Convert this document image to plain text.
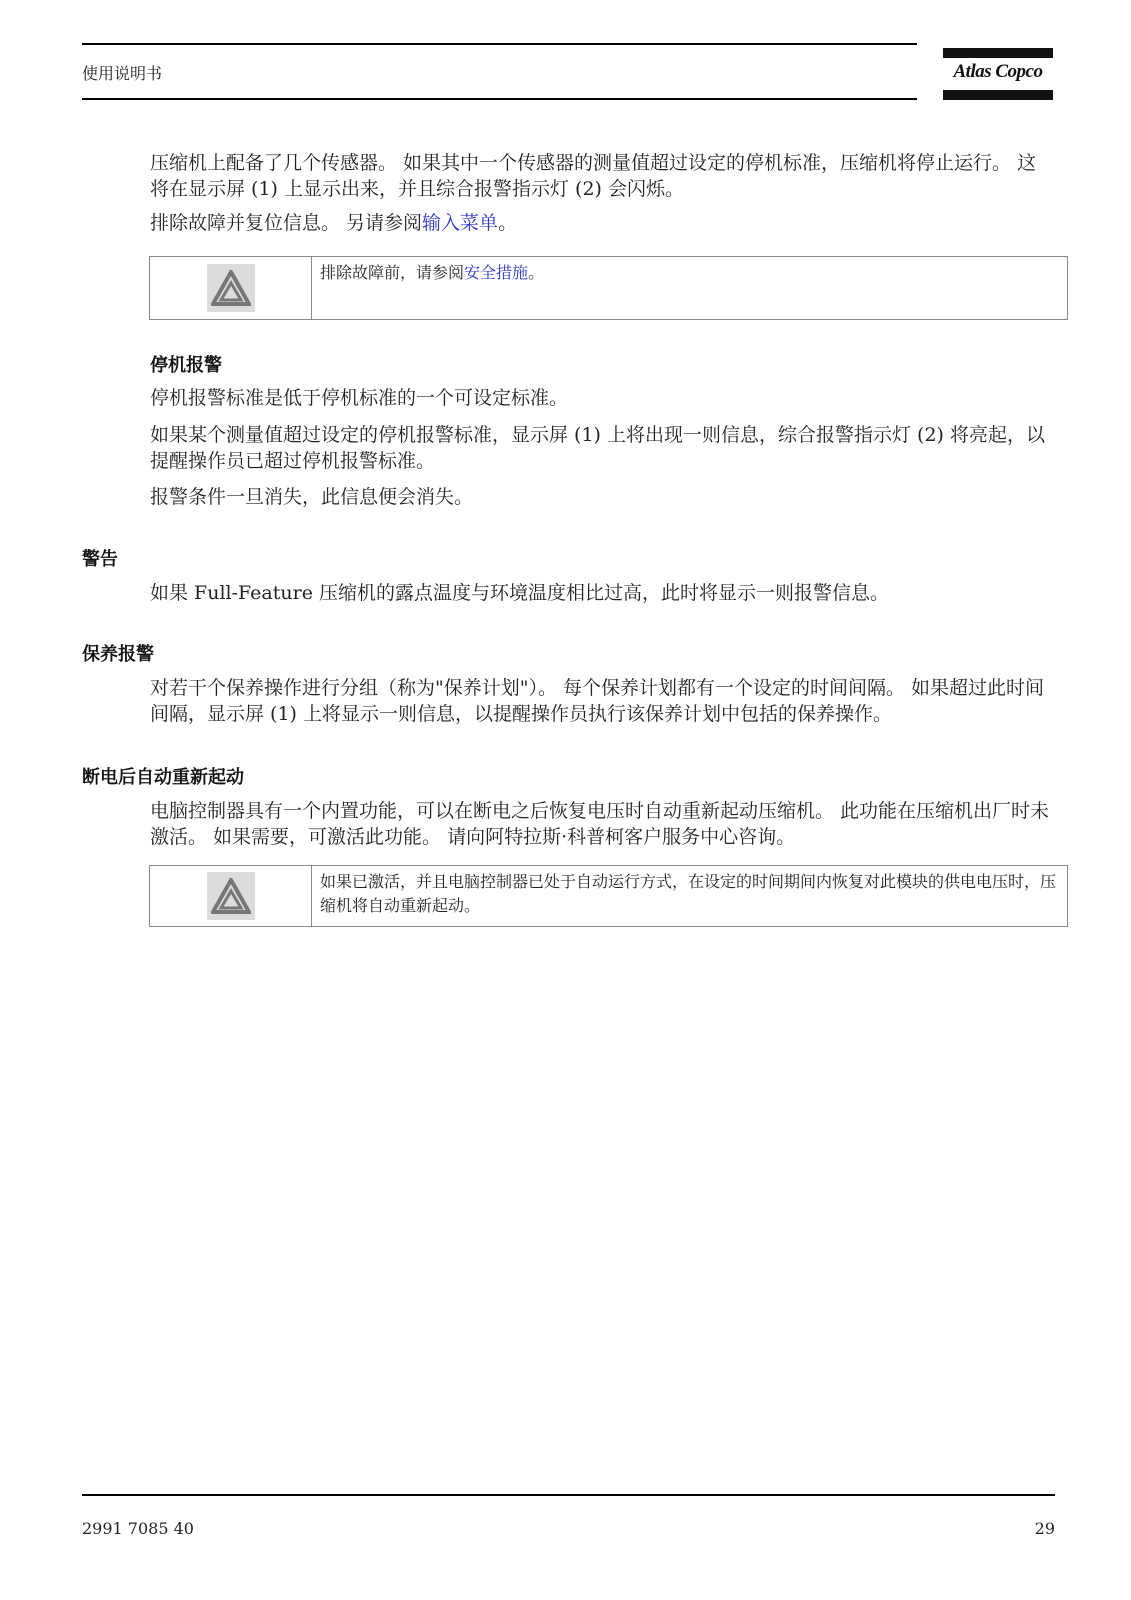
使用说明书	Atlas Copco

压缩机上配备了几个传感器。 如果其中一个传感器的测量值超过设定的停机标准，压缩机将停止运行。 这将在显示屏 (1) 上显示出来，并且综合报警指示灯 (2) 会闪烁。

排除故障并复位信息。 另请参阅输入菜单。

排除故障前，请参阅安全措施。
停机报警

停机报警标准是低于停机标准的一个可设定标准。

如果某个测量值超过设定的停机报警标准，显示屏 (1) 上将出现一则信息，综合报警指示灯 (2) 将亮起，以提醒操作员已超过停机报警标准。

报警条件一旦消失，此信息便会消失。

警告

如果 Full-Feature 压缩机的露点温度与环境温度相比过高，此时将显示一则报警信息。

保养报警

对若干个保养操作进行分组（称为"保养计划"）。 每个保养计划都有一个设定的时间间隔。 如果超过此时间间隔，显示屏 (1) 上将显示一则信息，以提醒操作员执行该保养计划中包括的保养操作。

断电后自动重新起动

电脑控制器具有一个内置功能，可以在断电之后恢复电压时自动重新起动压缩机。 此功能在压缩机出厂时未激活。 如果需要，可激活此功能。 请向阿特拉斯·科普柯客户服务中心咨询。

如果已激活，并且电脑控制器已处于自动运行方式，在设定的时间期间内恢复对此模块的供电电压时，压缩机将自动重新起动。
2991 7085 40	29
